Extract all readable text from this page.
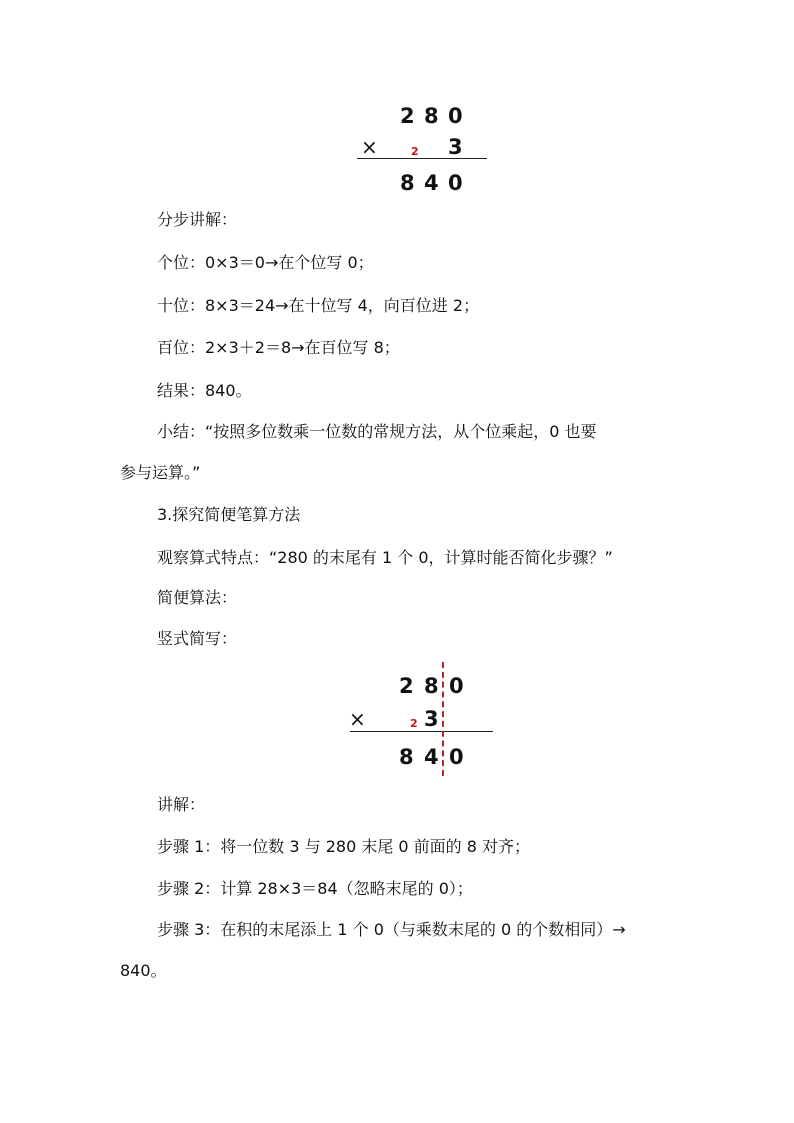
2 8 0
×	2 3
8 4 0
分步讲解：
个位：0×3＝0→在个位写 0；
十位：8×3＝24→在十位写 4，向百位进 2；
百位：2×3＋2＝8→在百位写 8；
结果：840。
小结：“按照多位数乘一位数的常规方法，从个位乘起，0 也要
参与运算。”
3.探究简便笔算方法
观察算式特点：“280 的末尾有 1 个 0，计算时能否简化步骤？”
简便算法：
竖式简写：
2 8 0
×	2 3
8 4 0
讲解：
步骤 1：将一位数 3 与 280 末尾 0 前面的 8 对齐；
步骤 2：计算 28×3＝84（忽略末尾的 0）；
步骤 3：在积的末尾添上 1 个 0（与乘数末尾的 0 的个数相同）→
840。
